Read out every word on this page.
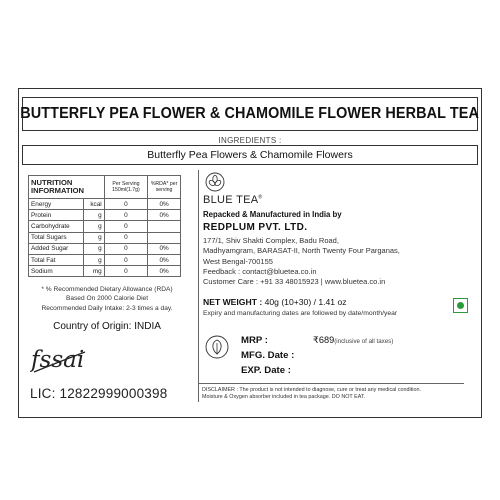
BUTTERFLY PEA FLOWER & CHAMOMILE FLOWER HERBAL TEA
INGREDIENTS :
Butterfly Pea Flowers & Chamomile Flowers
NUTRITION INFORMATION		Per Serving 150ml(1.7g)	%RDA* per serving
Energy	kcal	0	0%
Protein	g	0	0%
Carbohydrate	g	0	
Total Sugars	g	0	
Added Sugar	g	0	0%
Total Fat	g	0	0%
Sodium	mg	0	0%
* % Recommended Dietary Allowance (RDA)
Based On 2000 Calorie Diet
Recommended Daily Intake: 2-3 times a day.
Country of Origin: INDIA
fssai
LIC: 12822999000398
BLUE TEA®
Repacked & Manufactured in India by
REDPLUM PVT. LTD.
177/1, Shiv Shakti Complex, Badu Road,
Madhyamgram, BARASAT-II, North Twenty Four Parganas,
West Bengal-700155
Feedback : contact@bluetea.co.in
Customer Care : +91 33 48015923 | www.bluetea.co.in
NET WEIGHT : 40g (10+30) / 1.41 oz
Expiry and manufacturing dates are followed by date/month/year
MRP :	₹689(inclusive of all taxes)
MFG. Date :
EXP. Date :
DISCLAIMER : The product is not intended to diagnose, cure or treat any medical condition.
Moisture & Oxygen absorber included in tea package. DO NOT EAT.
